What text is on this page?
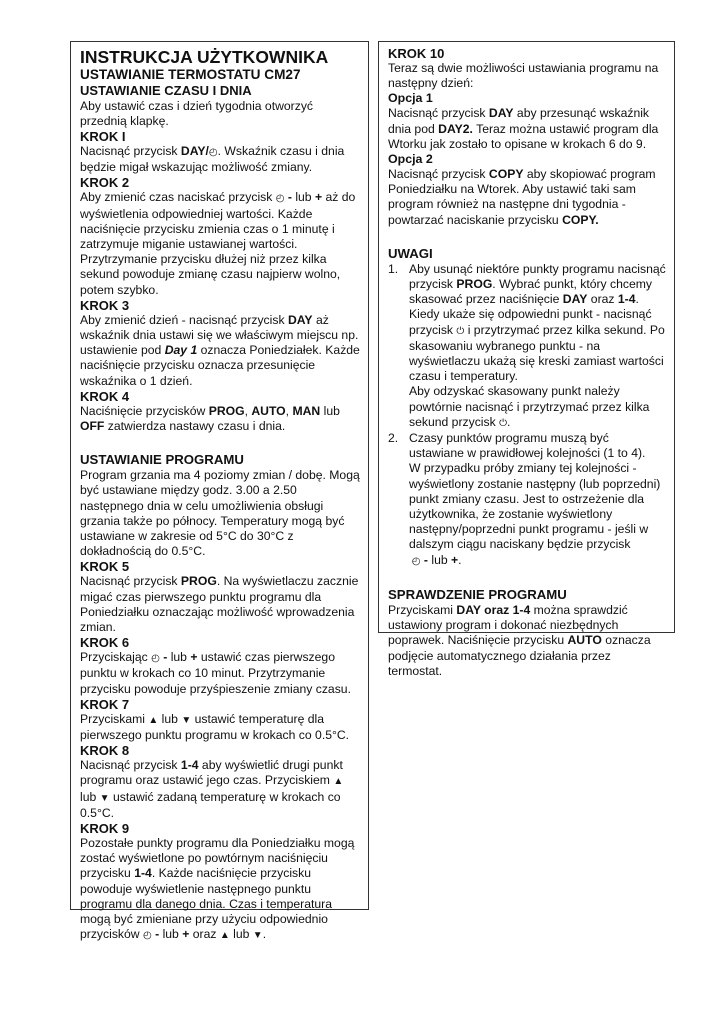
INSTRUKCJA UŻYTKOWNIKA
USTAWIANIE TERMOSTATU CM27
USTAWIANIE CZASU I DNIA

Aby ustawić czas i dzień tygodnia otworzyć przednią klapkę.

KROK I

Nacisnąć przycisk DAY/◴. Wskaźnik czasu i dnia będzie migał wskazując możliwość zmiany.

KROK 2

Aby zmienić czas naciskać przycisk ◴ - lub + aż do wyświetlenia odpowiedniej wartości. Każde naciśnięcie przycisku zmienia czas o 1 minutę i zatrzymuje miganie ustawianej wartości. Przytrzymanie przycisku dłużej niż przez kilka sekund powoduje zmianę czasu najpierw wolno, potem szybko.

KROK 3

Aby zmienić dzień - nacisnąć przycisk DAY aż wskaźnik dnia ustawi się we właściwym miejscu np. ustawienie pod Day 1 oznacza Poniedziałek. Każde naciśnięcie przycisku oznacza przesunięcie wskaźnika o 1 dzień.

KROK 4

Naciśnięcie przycisków PROG, AUTO, MAN lub OFF zatwierdza nastawy czasu i dnia.

USTAWIANIE PROGRAMU

Program grzania ma 4 poziomy zmian / dobę. Mogą być ustawiane między godz. 3.00 a 2.50 następnego dnia w celu umożliwienia obsługi grzania także po północy. Temperatury mogą być ustawiane w zakresie od 5°C do 30°C z dokładnością do 0.5°C.

KROK 5

Nacisnąć przycisk PROG. Na wyświetlaczu zacznie migać czas pierwszego punktu programu dla Poniedziałku oznaczając możliwość wprowadzenia zmian.

KROK 6

Przyciskając ◴ - lub + ustawić czas pierwszego punktu w krokach co 10 minut. Przytrzymanie przycisku powoduje przyśpieszenie zmiany czasu.

KROK 7

Przyciskami ▲ lub ▼ ustawić temperaturę dla pierwszego punktu programu w krokach co 0.5°C.

KROK 8

Nacisnąć przycisk 1-4 aby wyświetlić drugi punkt programu oraz ustawić jego czas. Przyciskiem ▲ lub ▼ ustawić zadaną temperaturę w krokach co 0.5°C.

KROK 9

Pozostałe punkty programu dla Poniedziałku mogą zostać wyświetlone po powtórnym naciśnięciu przycisku 1-4. Każde naciśnięcie przycisku powoduje wyświetlenie następnego punktu programu dla danego dnia. Czas i temperatura mogą być zmieniane przy użyciu odpowiednio przycisków ◴ - lub + oraz ▲ lub ▼.

KROK 10

Teraz są dwie możliwości ustawiania programu na następny dzień:

Opcja 1

Nacisnąć przycisk DAY aby przesunąć wskaźnik dnia pod DAY2. Teraz można ustawić program dla Wtorku jak zostało to opisane w krokach 6 do 9.

Opcja 2

Nacisnąć przycisk COPY aby skopiować program Poniedziałku na Wtorek. Aby ustawić taki sam program również na następne dni tygodnia - powtarzać naciskanie przycisku COPY.

UWAGI
1. Aby usunąć niektóre punkty programu nacisnąć przycisk PROG. Wybrać punkt, który chcemy skasować przez naciśnięcie DAY oraz 1-4. Kiedy ukaże się odpowiedni punkt - nacisnąć przycisk ⏻ i przytrzymać przez kilka sekund. Po skasowaniu wybranego punktu - na wyświetlaczu ukażą się kreski zamiast wartości czasu i temperatury.

Aby odzyskać skasowany punkt należy powtórnie nacisnąć i przytrzymać przez kilka sekund przycisk ⏻.

2. Czasy punktów programu muszą być ustawiane w prawidłowej kolejności (1 to 4).

W przypadku próby zmiany tej kolejności - wyświetlony zostanie następny (lub poprzedni) punkt zmiany czasu. Jest to ostrzeżenie dla użytkownika, że zostanie wyświetlony następny/poprzedni punkt programu - jeśli w dalszym ciągu naciskany będzie przycisk
◴ - lub +.

SPRAWDZENIE PROGRAMU

Przyciskami DAY oraz 1-4 można sprawdzić ustawiony program i dokonać niezbędnych poprawek. Naciśnięcie przycisku AUTO oznacza podjęcie automatycznego działania przez termostat.
